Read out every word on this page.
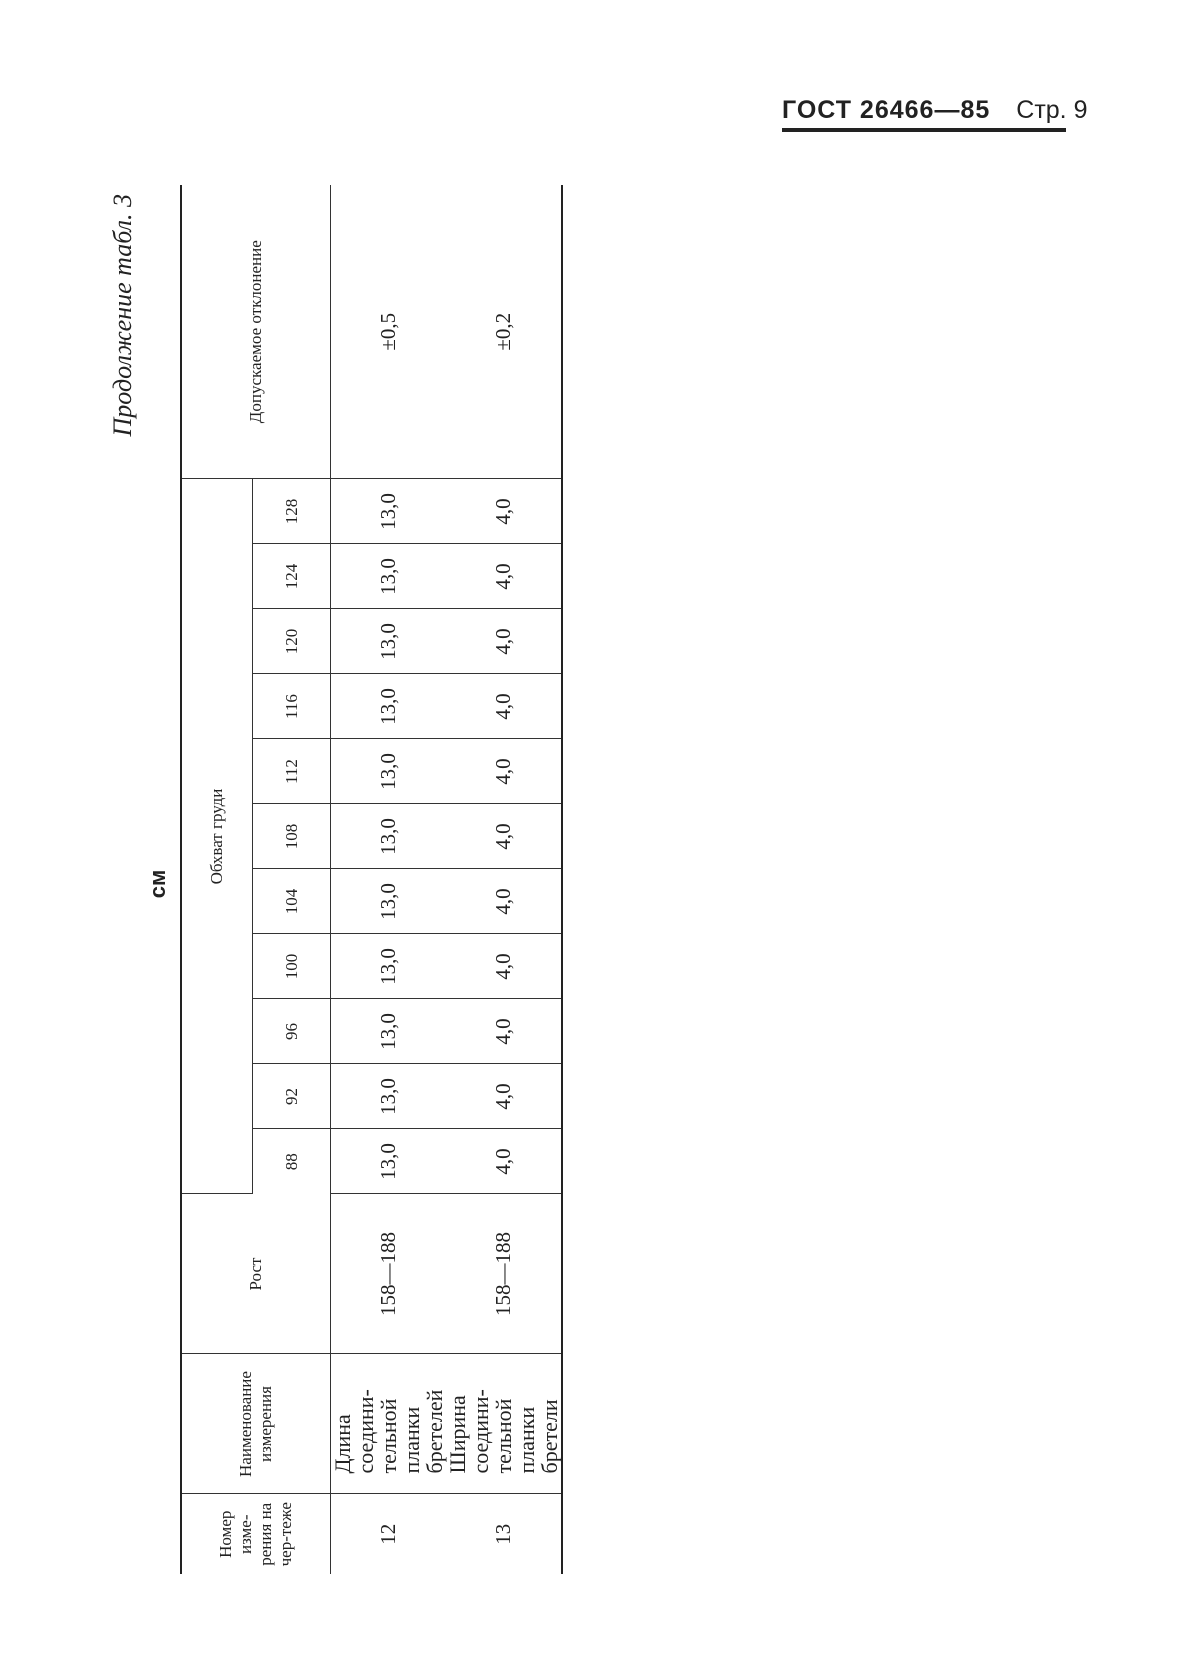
ГОСТ 26466—85 Стр. 9
Продолжение табл. 3
см
Номер изме-рения на чер-теже	Наименование измерения	Рост	Обхват груди											Допускаемое отклонение
			88	92	96	100	104	108	112	116	120	124	128	
12	Длина соедини-тельной планки бретелей	158—188	13,0	13,0	13,0	13,0	13,0	13,0	13,0	13,0	13,0	13,0	13,0	±0,5
13	Ширина соедини-тельной планки бретели	158—188	4,0	4,0	4,0	4,0	4,0	4,0	4,0	4,0	4,0	4,0	4,0	±0,2
